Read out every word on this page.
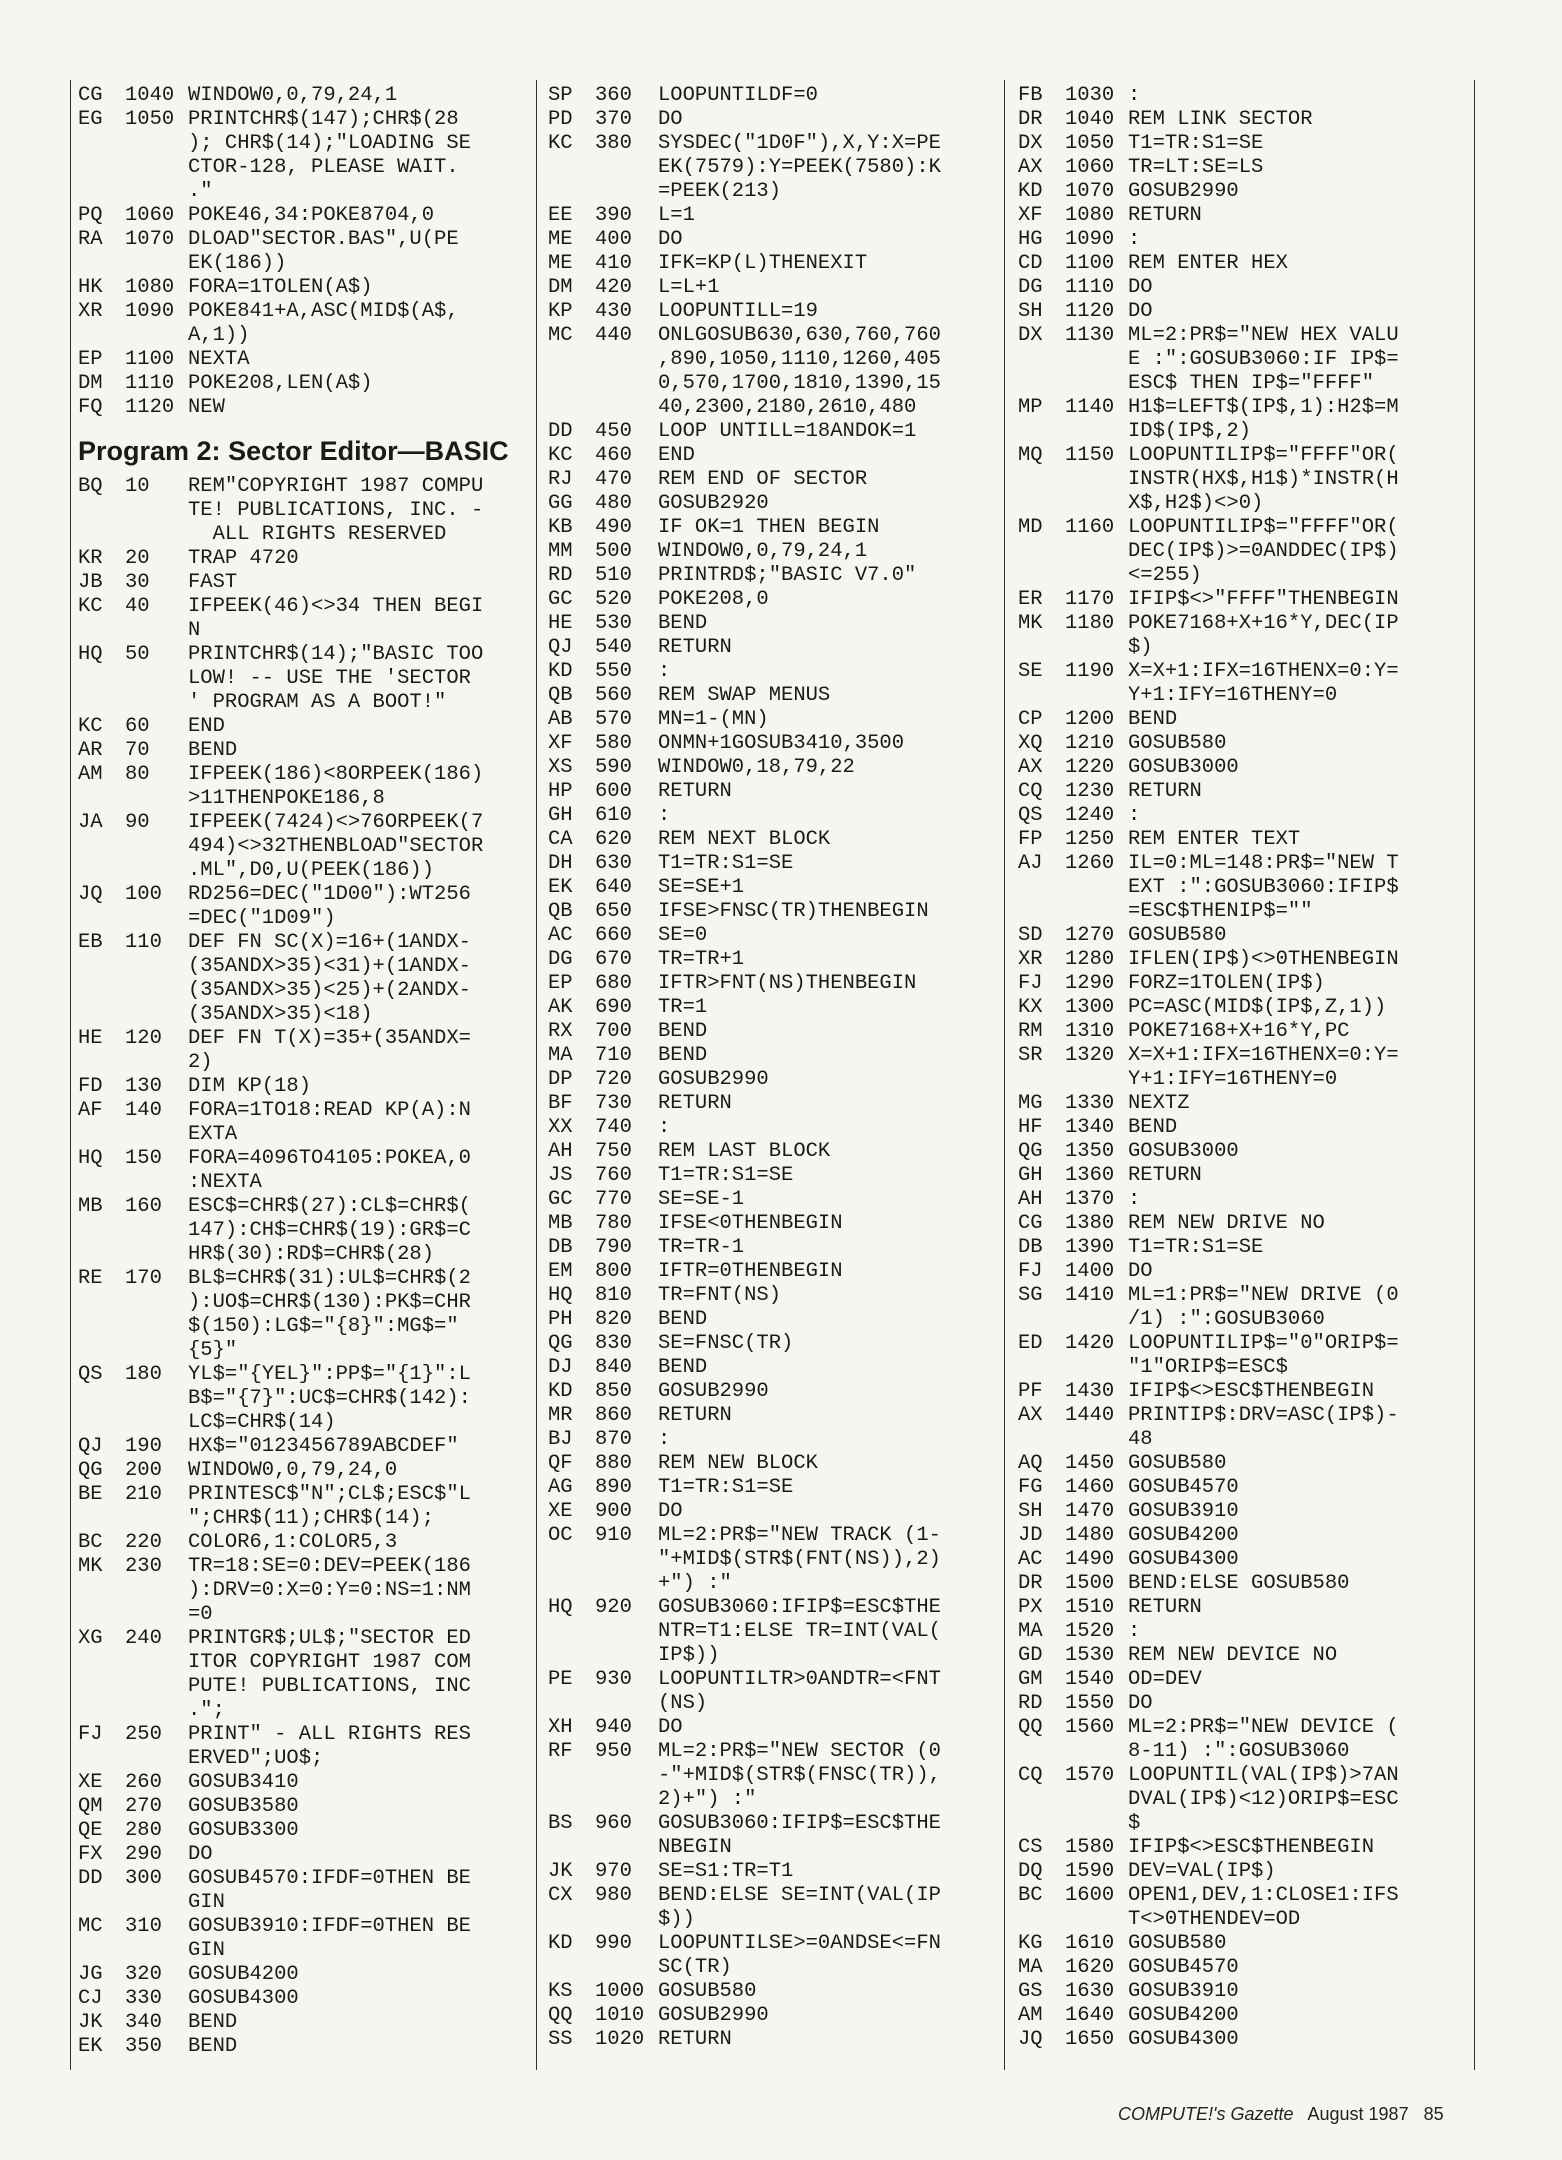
CG	1040 WINDOW0,0,79,24,1
EG	1050 PRINTCHR$(147);CHR$(28
); CHR$(14);"LOADING SE
CTOR-128, PLEASE WAIT.
."
PQ	1060 POKE46,34:POKE8704,0
RA	1070 DLOAD"SECTOR.BAS",U(PE
EK(186))
HK	1080 FORA=1TOLEN(A$)
XR	1090 POKE841+A,ASC(MID$(A$,
A,1))
EP	1100 NEXTA
DM	1110 POKE208,LEN(A$)
FQ	1120 NEW
Program 2: Sector Editor—BASIC
BQ	10	REM"COPYRIGHT 1987 COMPU
TE! PUBLICATIONS, INC. -
ALL RIGHTS RESERVED
KR	20	TRAP 4720
JB	30	FAST
KC	40	IFPEEK(46)<>34 THEN BEGI
N
HQ	50	PRINTCHR$(14);"BASIC TOO
LOW! -- USE THE 'SECTOR
' PROGRAM AS A BOOT!"
KC	60	END
AR	70	BEND
AM	80	IFPEEK(186)<8ORPEEK(186)
>11THENPOKE186,8
JA	90	IFPEEK(7424)<>76ORPEEK(7
494)<>32THENBLOAD"SECTOR
.ML",D0,U(PEEK(186))
JQ	100	RD256=DEC("1D00"):WT256
=DEC("1D09")
EB	110	DEF FN SC(X)=16+(1ANDX-
(35ANDX>35)<31)+(1ANDX-
(35ANDX>35)<25)+(2ANDX-
(35ANDX>35)<18)
HE	120	DEF FN T(X)=35+(35ANDX=
2)
FD	130	DIM KP(18)
AF	140	FORA=1TO18:READ KP(A):N
EXTA
HQ	150	FORA=4096TO4105:POKEA,0
:NEXTA
MB	160	ESC$=CHR$(27):CL$=CHR$(
147):CH$=CHR$(19):GR$=C
HR$(30):RD$=CHR$(28)
RE	170	BL$=CHR$(31):UL$=CHR$(2
):UO$=CHR$(130):PK$=CHR
$(150):LG$="{8}":MG$="
{5}"
QS	180	YL$="{YEL}":PP$="{1}":L
B$="{7}":UC$=CHR$(142):
LC$=CHR$(14)
QJ	190	HX$="0123456789ABCDEF"
QG	200	WINDOW0,0,79,24,0
BE	210	PRINTESC$"N";CL$;ESC$"L
";CHR$(11);CHR$(14);
BC	220	COLOR6,1:COLOR5,3
MK	230	TR=18:SE=0:DEV=PEEK(186
):DRV=0:X=0:Y=0:NS=1:NM
=0
XG	240	PRINTGR$;UL$;"SECTOR ED
ITOR COPYRIGHT 1987 COM
PUTE! PUBLICATIONS, INC
.";
FJ	250	PRINT" - ALL RIGHTS RES
ERVED";UO$;
XE	260	GOSUB3410
QM	270	GOSUB3580
QE	280	GOSUB3300
FX	290	DO
DD	300	GOSUB4570:IFDF=0THEN BE
GIN
MC	310	GOSUB3910:IFDF=0THEN BE
GIN
JG	320	GOSUB4200
CJ	330	GOSUB4300
JK	340	BEND
EK	350	BEND
SP	360	LOOPUNTILDF=0
PD	370	DO
KC	380	SYSDEC("1D0F"),X,Y:X=PE
EK(7579):Y=PEEK(7580):K
=PEEK(213)
EE	390	L=1
ME	400	DO
ME	410	IFK=KP(L)THENEXIT
DM	420	L=L+1
KP	430	LOOPUNTILL=19
MC	440	ONLGOSUB630,630,760,760
,890,1050,1110,1260,405
0,570,1700,1810,1390,15
40,2300,2180,2610,480
DD	450	LOOP UNTILL=18ANDOK=1
KC	460	END
RJ	470	REM END OF SECTOR
GG	480	GOSUB2920
KB	490	IF OK=1 THEN BEGIN
MM	500	WINDOW0,0,79,24,1
RD	510	PRINTRD$;"BASIC V7.0"
GC	520	POKE208,0
HE	530	BEND
QJ	540	RETURN
KD	550	:
QB	560	REM SWAP MENUS
AB	570	MN=1-(MN)
XF	580	ONMN+1GOSUB3410,3500
XS	590	WINDOW0,18,79,22
HP	600	RETURN
GH	610	:
CA	620	REM NEXT BLOCK
DH	630	T1=TR:S1=SE
EK	640	SE=SE+1
QB	650	IFSE>FNSC(TR)THENBEGIN
AC	660	SE=0
DG	670	TR=TR+1
EP	680	IFTR>FNT(NS)THENBEGIN
AK	690	TR=1
RX	700	BEND
MA	710	BEND
DP	720	GOSUB2990
BF	730	RETURN
XX	740	:
AH	750	REM LAST BLOCK
JS	760	T1=TR:S1=SE
GC	770	SE=SE-1
MB	780	IFSE<0THENBEGIN
DB	790	TR=TR-1
EM	800	IFTR=0THENBEGIN
HQ	810	TR=FNT(NS)
PH	820	BEND
QG	830	SE=FNSC(TR)
DJ	840	BEND
KD	850	GOSUB2990
MR	860	RETURN
BJ	870	:
QF	880	REM NEW BLOCK
AG	890	T1=TR:S1=SE
XE	900	DO
OC	910	ML=2:PR$="NEW TRACK (1-
"+MID$(STR$(FNT(NS)),2)
+") :"
HQ	920	GOSUB3060:IFIP$=ESC$THE
NTR=T1:ELSE TR=INT(VAL(
IP$))
PE	930	LOOPUNTILTR>0ANDTR=<FNT
(NS)
XH	940	DO
RF	950	ML=2:PR$="NEW SECTOR (0
-"+MID$(STR$(FNSC(TR)),
2)+") :"
BS	960	GOSUB3060:IFIP$=ESC$THE
NBEGIN
JK	970	SE=S1:TR=T1
CX	980	BEND:ELSE SE=INT(VAL(IP
$))
KD	990	LOOPUNTILSE>=0ANDSE<=FN
SC(TR)
KS	1000 GOSUB580
QQ	1010 GOSUB2990
SS	1020 RETURN
FB	1030 :
DR	1040 REM LINK SECTOR
DX	1050 T1=TR:S1=SE
AX	1060 TR=LT:SE=LS
KD	1070 GOSUB2990
XF	1080 RETURN
HG	1090 :
CD	1100 REM ENTER HEX
DG	1110 DO
SH	1120 DO
DX	1130 ML=2:PR$="NEW HEX VALU
E :":GOSUB3060:IF IP$=
ESC$ THEN IP$="FFFF"
MP	1140 H1$=LEFT$(IP$,1):H2$=M
ID$(IP$,2)
MQ	1150 LOOPUNTILIP$="FFFF"OR(
INSTR(HX$,H1$)*INSTR(H
X$,H2$)<>0)
MD	1160 LOOPUNTILIP$="FFFF"OR(
DEC(IP$)>=0ANDDEC(IP$)
<=255)
ER	1170 IFIP$<>"FFFF"THENBEGIN
MK	1180 POKE7168+X+16*Y,DEC(IP
$)
SE	1190 X=X+1:IFX=16THENX=0:Y=
Y+1:IFY=16THENY=0
CP	1200 BEND
XQ	1210 GOSUB580
AX	1220 GOSUB3000
CQ	1230 RETURN
QS	1240 :
FP	1250 REM ENTER TEXT
AJ	1260 IL=0:ML=148:PR$="NEW T
EXT :":GOSUB3060:IFIP$
=ESC$THENIP$=""
SD	1270 GOSUB580
XR	1280 IFLEN(IP$)<>0THENBEGIN
FJ	1290 FORZ=1TOLEN(IP$)
KX	1300 PC=ASC(MID$(IP$,Z,1))
RM	1310 POKE7168+X+16*Y,PC
SR	1320 X=X+1:IFX=16THENX=0:Y=
Y+1:IFY=16THENY=0
MG	1330 NEXTZ
HF	1340 BEND
QG	1350 GOSUB3000
GH	1360 RETURN
AH	1370 :
CG	1380 REM NEW DRIVE NO
DB	1390 T1=TR:S1=SE
FJ	1400 DO
SG	1410 ML=1:PR$="NEW DRIVE (0
/1) :":GOSUB3060
ED	1420 LOOPUNTILIP$="0"ORIP$=
"1"ORIP$=ESC$
PF	1430 IFIP$<>ESC$THENBEGIN
AX	1440 PRINTIP$:DRV=ASC(IP$)-
48
AQ	1450 GOSUB580
FG	1460 GOSUB4570
SH	1470 GOSUB3910
JD	1480 GOSUB4200
AC	1490 GOSUB4300
DR	1500 BEND:ELSE GOSUB580
PX	1510 RETURN
MA	1520 :
GD	1530 REM NEW DEVICE NO
GM	1540 OD=DEV
RD	1550 DO
QQ	1560 ML=2:PR$="NEW DEVICE (
8-11) :":GOSUB3060
CQ	1570 LOOPUNTIL(VAL(IP$)>7AN
DVAL(IP$)<12)ORIP$=ESC
$
CS	1580 IFIP$<>ESC$THENBEGIN
DQ	1590 DEV=VAL(IP$)
BC	1600 OPEN1,DEV,1:CLOSE1:IFS
T<>0THENDEV=OD
KG	1610 GOSUB580
MA	1620 GOSUB4570
GS	1630 GOSUB3910
AM	1640 GOSUB4200
JQ	1650 GOSUB4300
COMPUTE!'s Gazette August 1987 85
